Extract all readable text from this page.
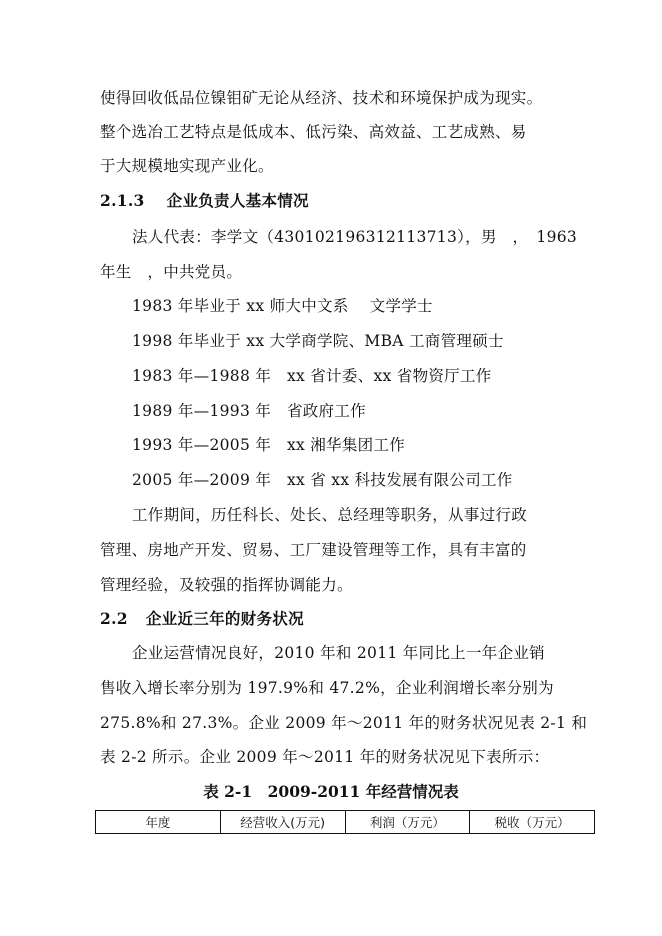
使得回收低品位镍钼矿无论从经济、技术和环境保护成为现实。
整个选冶工艺特点是低成本、低污染、高效益、工艺成熟、易
于大规模地实现产业化。
2.1.3 企业负责人基本情况
法人代表：李学文（430102196312113713），男　，　1963
年生　，中共党员。
1983 年毕业于 xx 师大中文系　 文学学士
1998 年毕业于 xx 大学商学院、MBA 工商管理硕士
1983 年—1988 年　xx 省计委、xx 省物资厅工作
1989 年—1993 年　省政府工作
1993 年—2005 年　xx 湘华集团工作
2005 年—2009 年　xx 省 xx 科技发展有限公司工作
工作期间，历任科长、处长、总经理等职务，从事过行政
管理、房地产开发、贸易、工厂建设管理等工作，具有丰富的
管理经验，及较强的指挥协调能力。
2.2 企业近三年的财务状况
企业运营情况良好，2010 年和 2011 年同比上一年企业销
售收入增长率分别为 197.9%和 47.2%，企业利润增长率分别为
275.8%和 27.3%。企业 2009 年～2011 年的财务状况见表 2-1 和
表 2-2 所示。企业 2009 年～2011 年的财务状况见下表所示：
表 2-1　2009-2011 年经营情况表
年度	经营收入(万元)	利润（万元）	税收（万元）
